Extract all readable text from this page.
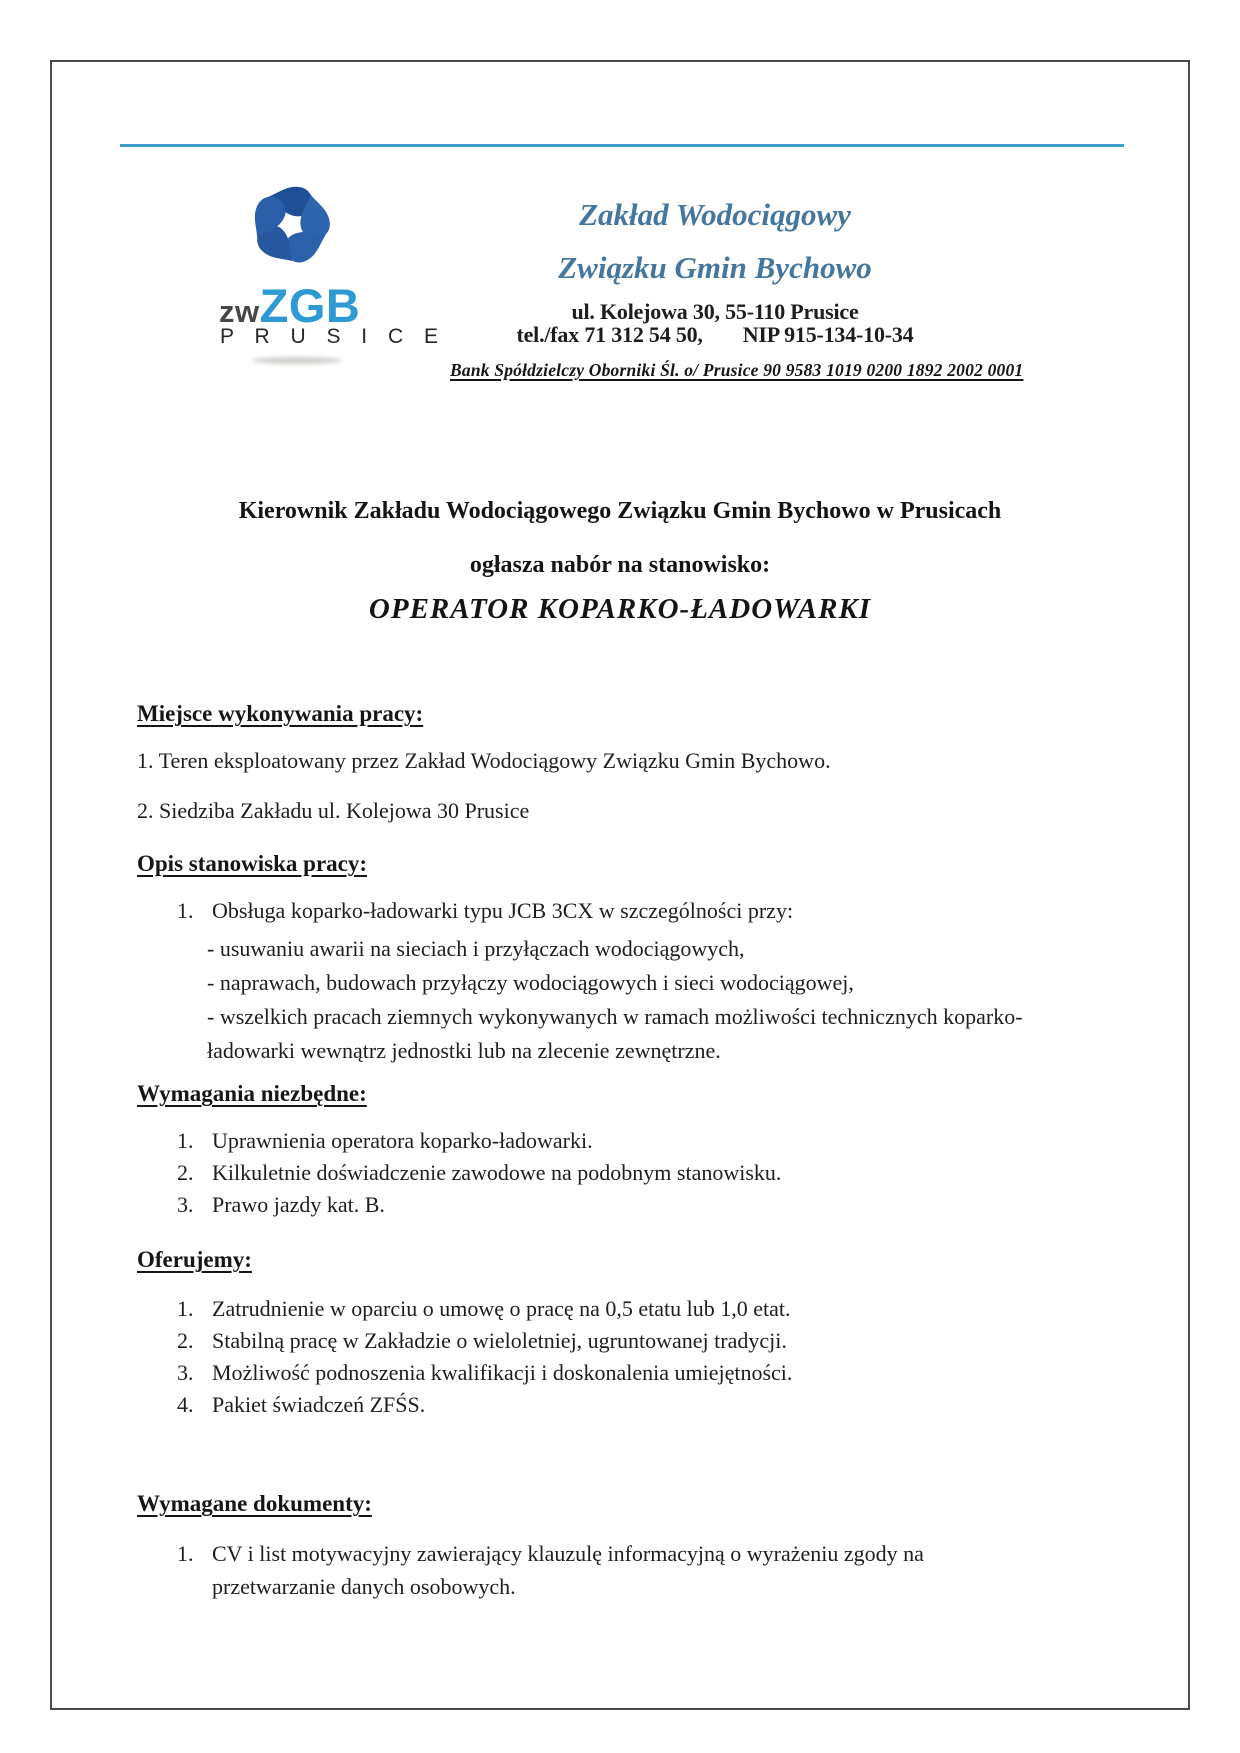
zw ZGB
P R U S I C E
Zakład Wodociągowy
Związku Gmin Bychowo
ul. Kolejowa 30, 55-110 Prusice
tel./fax 71 312 54 50, NIP 915-134-10-34
Bank Spółdzielczy Oborniki Śl. o/ Prusice 90 9583 1019 0200 1892 2002 0001
Kierownik Zakładu Wodociągowego Związku Gmin Bychowo w Prusicach
ogłasza nabór na stanowisko:
OPERATOR KOPARKO-ŁADOWARKI
Miejsce wykonywania pracy:
1. Teren eksploatowany przez Zakład Wodociągowy Związku Gmin Bychowo.
2. Siedziba Zakładu ul. Kolejowa 30 Prusice
Opis stanowiska pracy:
1. Obsługa koparko-ładowarki typu JCB 3CX w szczególności przy:
- usuwaniu awarii na sieciach i przyłączach wodociągowych,
- naprawach, budowach przyłączy wodociągowych i sieci wodociągowej,
- wszelkich pracach ziemnych wykonywanych w ramach możliwości technicznych koparko-ładowarki wewnątrz jednostki lub na zlecenie zewnętrzne.
Wymagania niezbędne:
1. Uprawnienia operatora koparko-ładowarki.
2. Kilkuletnie doświadczenie zawodowe na podobnym stanowisku.
3. Prawo jazdy kat. B.
Oferujemy:
1. Zatrudnienie w oparciu o umowę o pracę na 0,5 etatu lub 1,0 etat.
2. Stabilną pracę w Zakładzie o wieloletniej, ugruntowanej tradycji.
3. Możliwość podnoszenia kwalifikacji i doskonalenia umiejętności.
4. Pakiet świadczeń ZFŚS.
Wymagane dokumenty:
1. CV i list motywacyjny zawierający klauzulę informacyjną o wyrażeniu zgody na przetwarzanie danych osobowych.
